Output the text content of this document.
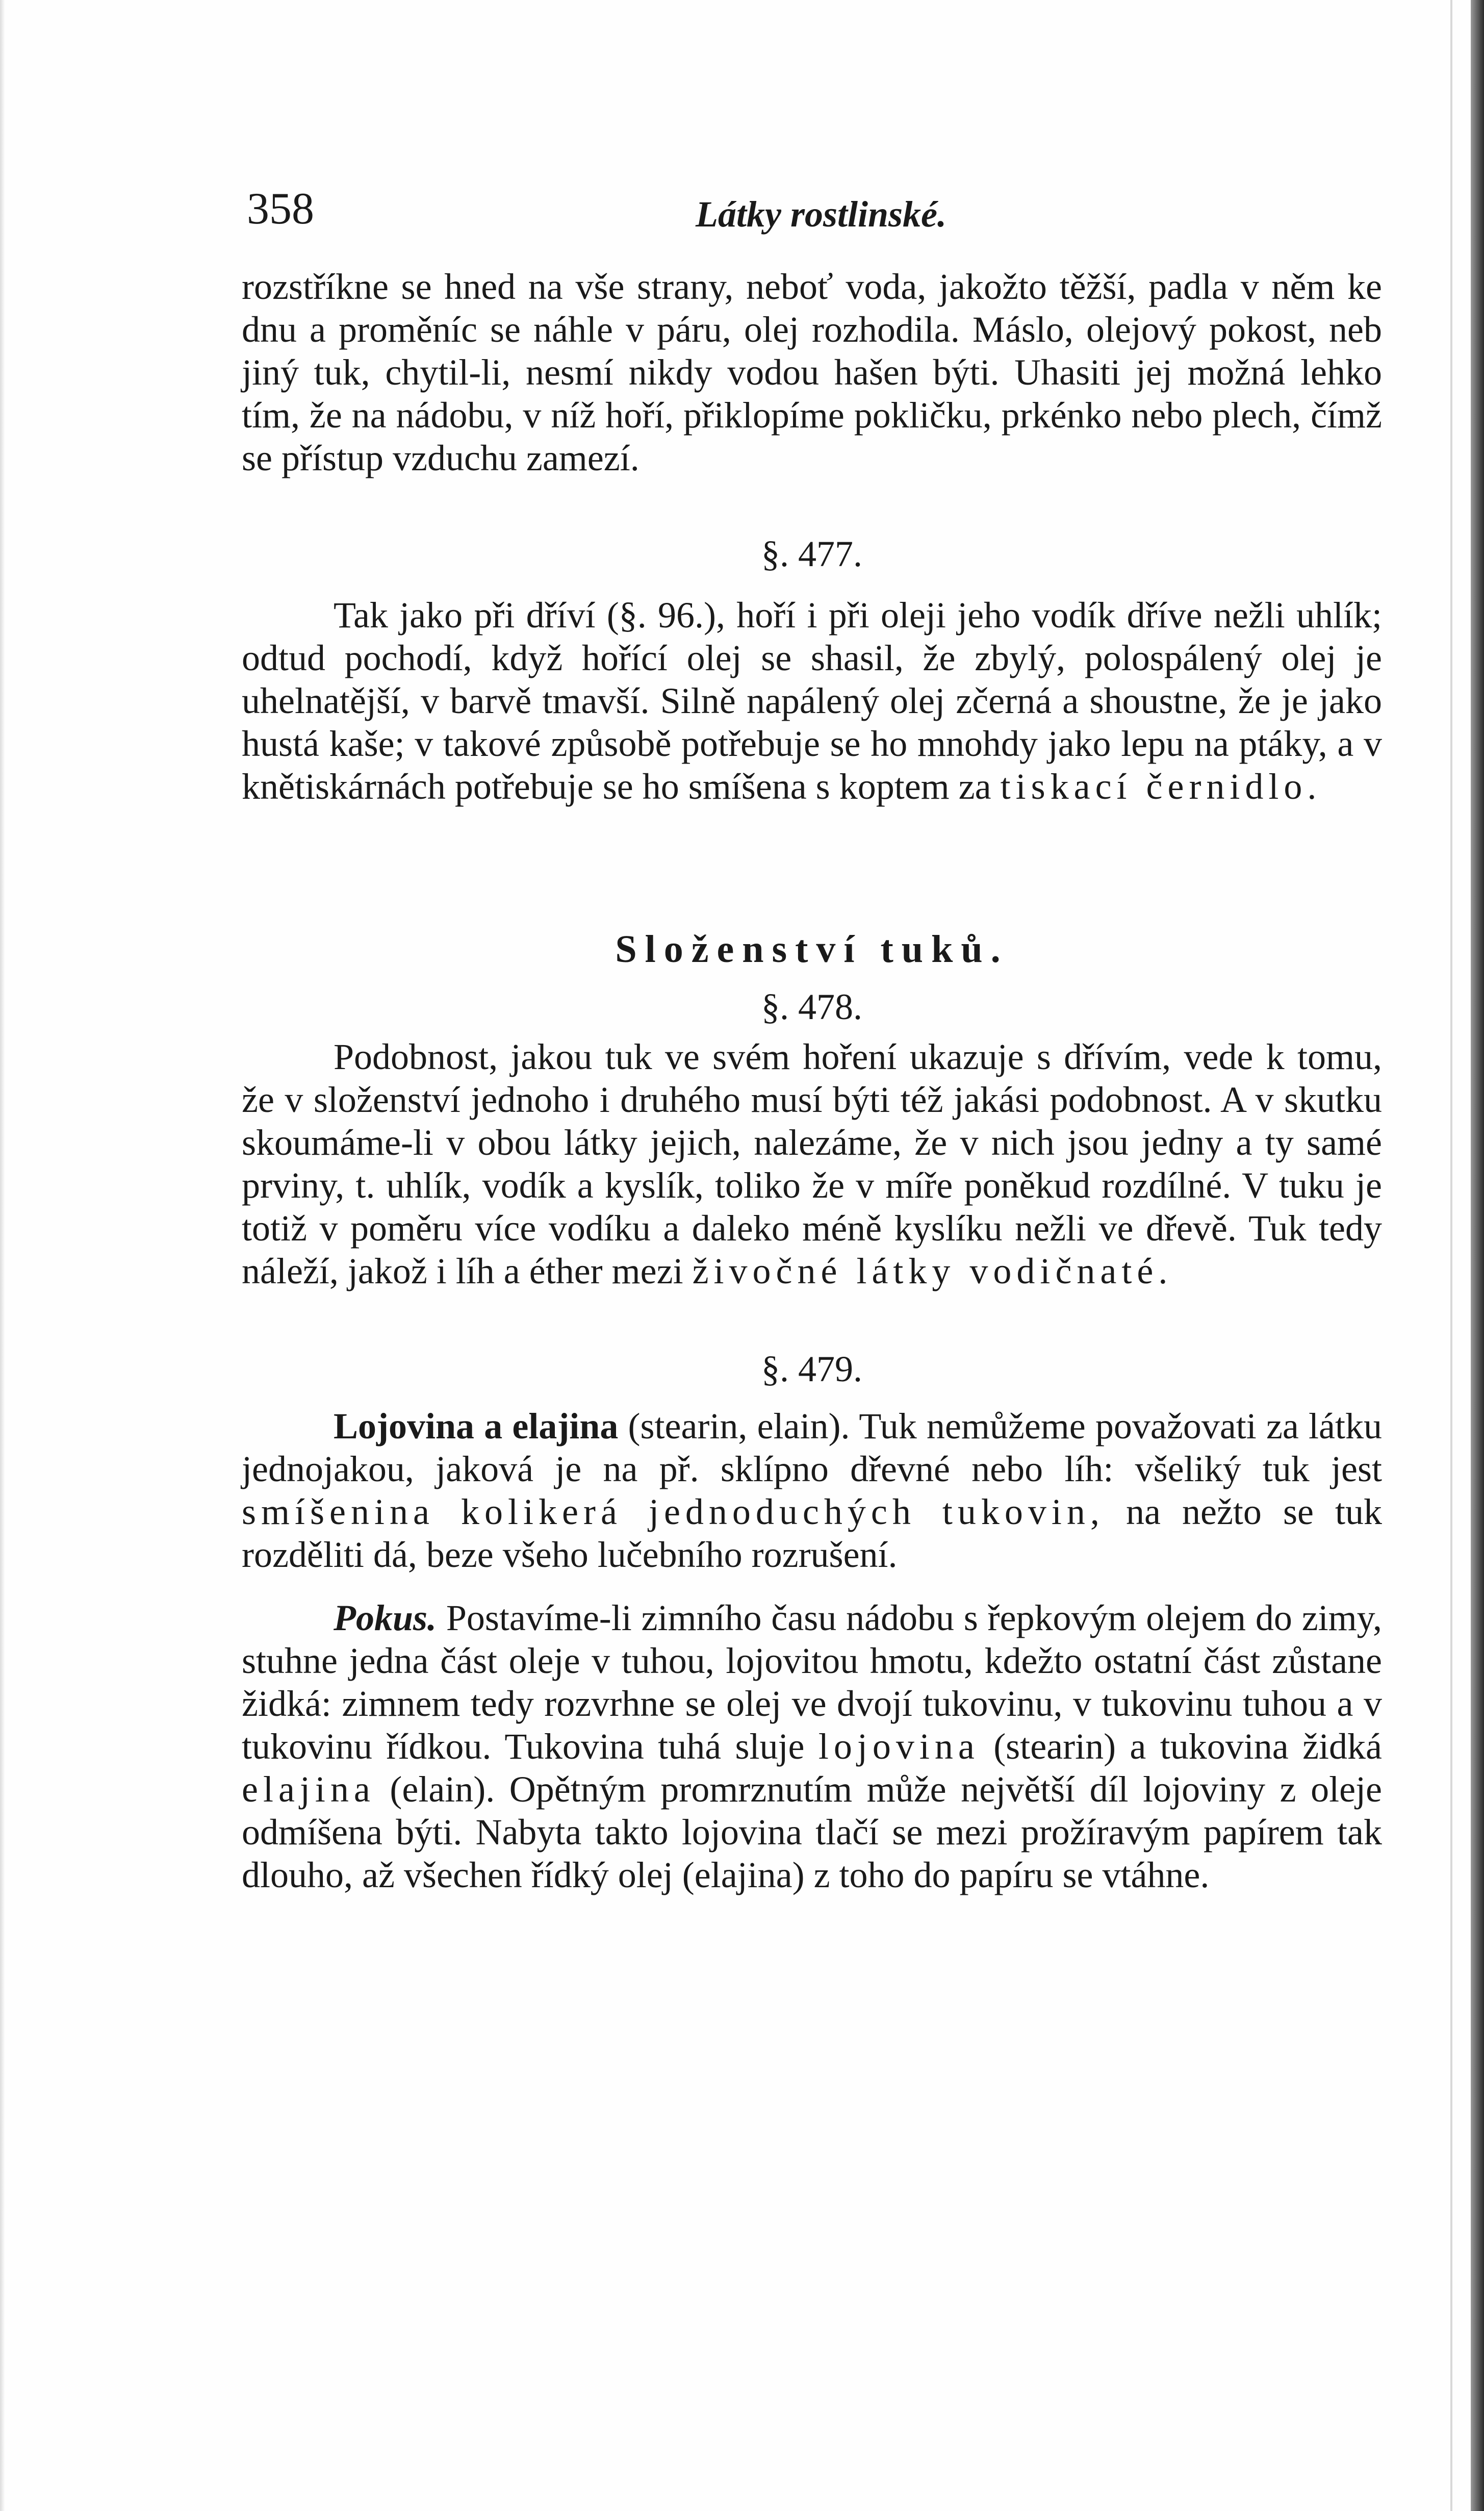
358	Látky rostlinské.

rozstříkne se hned na vše strany, neboť voda, jakožto těžší, padla v něm ke dnu a proměníc se náhle v páru, olej rozhodila. Máslo, olejový pokost, neb jiný tuk, chytil-li, nesmí nikdy vodou hašen býti. Uhasiti jej možná lehko tím, že na nádobu, v níž hoří, přiklopíme pokličku, prkénko nebo plech, čímž se přístup vzduchu zamezí.

§. 477.

Tak jako při dříví (§. 96.), hoří i při oleji jeho vodík dříve nežli uhlík; odtud pochodí, když hořící olej se shasil, že zbylý, polospálený olej je uhelnatější, v barvě tmavší. Silně napálený olej zčerná a shoustne, že je jako hustá kaše; v takové způsobě potřebuje se ho mnohdy jako lepu na ptáky, a v knětiskárnách potřebuje se ho smíšena s koptem za tiskací černidlo.

Složenství tuků.
§. 478.

Podobnost, jakou tuk ve svém hoření ukazuje s dřívím, vede k tomu, že v složenství jednoho i druhého musí býti též jakási podobnost. A v skutku skoumáme-li v obou látky jejich, nalezáme, že v nich jsou jedny a ty samé prviny, t. uhlík, vodík a kyslík, toliko že v míře poněkud rozdílné. V tuku je totiž v poměru více vodíku a daleko méně kyslíku nežli ve dřevě. Tuk tedy náleží, jakož i líh a éther mezi živočné látky vodičnaté.

§. 479.

Lojovina a elajina (stearin, elain). Tuk nemůžeme považovati za látku jednojakou, jaková je na př. sklípno dřevné nebo líh: všeliký tuk jest smíšenina kolikerá jednoduchých tukovin, na nežto se tuk rozděliti dá, beze všeho lučebního rozrušení.

Pokus. Postavíme-li zimního času nádobu s řepkovým olejem do zimy, stuhne jedna část oleje v tuhou, lojovitou hmotu, kdežto ostatní část zůstane židká: zimnem tedy rozvrhne se olej ve dvojí tukovinu, v tukovinu tuhou a v tukovinu řídkou. Tukovina tuhá sluje lojovina (stearin) a tukovina židká elajina (elain). Opětným promrznutím může největší díl lojoviny z oleje odmíšena býti. Nabyta takto lojovina tlačí se mezi prožíravým papírem tak dlouho, až všechen řídký olej (elajina) z toho do papíru se vtáhne.
